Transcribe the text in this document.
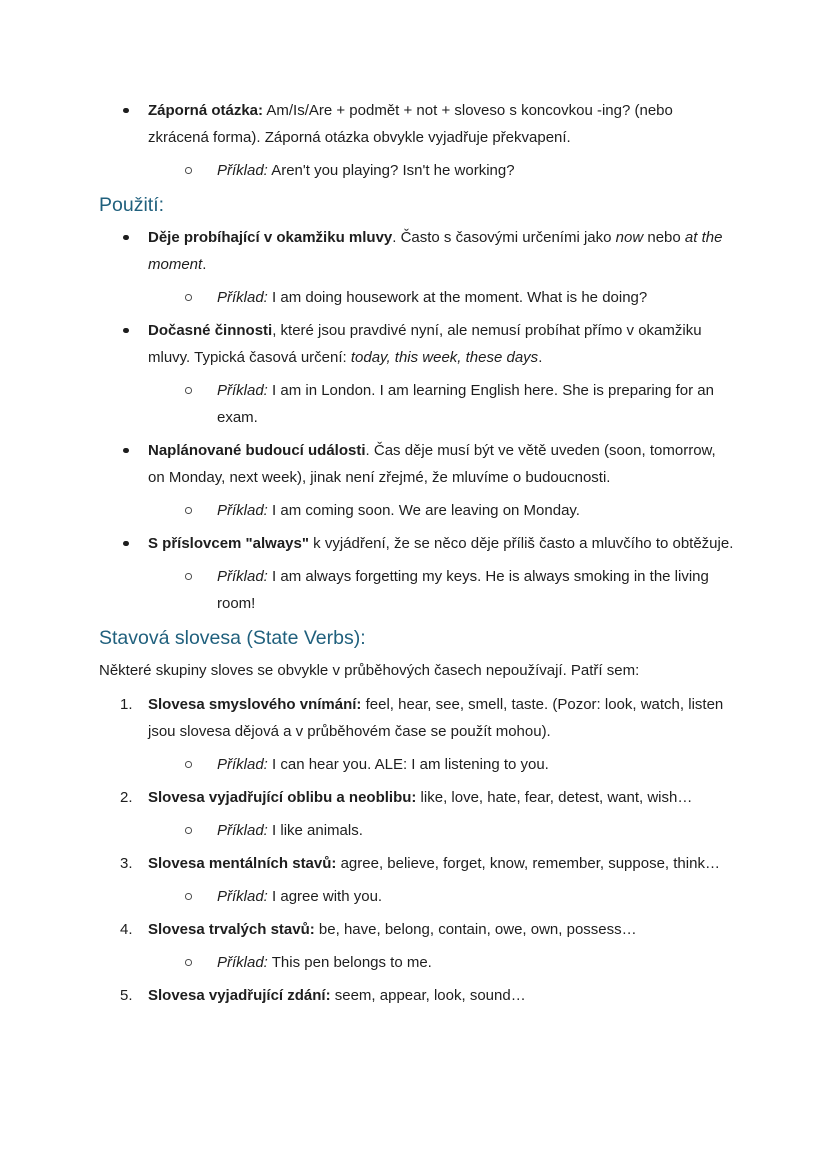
Záporná otázka: Am/Is/Are + podmět + not + sloveso s koncovkou -ing? (nebo zkrácená forma). Záporná otázka obvykle vyjadřuje překvapení.

Příklad: Aren't you playing? Isn't he working?

Použití:

Děje probíhající v okamžiku mluvy. Často s časovými určeními jako now nebo at the moment.

Příklad: I am doing housework at the moment. What is he doing?

Dočasné činnosti, které jsou pravdivé nyní, ale nemusí probíhat přímo v okamžiku mluvy. Typická časová určení: today, this week, these days.

Příklad: I am in London. I am learning English here. She is preparing for an exam.

Naplánované budoucí události. Čas děje musí být ve větě uveden (soon, tomorrow, on Monday, next week), jinak není zřejmé, že mluvíme o budoucnosti.

Příklad: I am coming soon. We are leaving on Monday.

S příslovcem "always" k vyjádření, že se něco děje příliš často a mluvčího to obtěžuje.

Příklad: I am always forgetting my keys. He is always smoking in the living room!

Stavová slovesa (State Verbs):

Některé skupiny sloves se obvykle v průběhových časech nepoužívají. Patří sem:

1.	Slovesa smyslového vnímání: feel, hear, see, smell, taste. (Pozor: look, watch, listen jsou slovesa dějová a v průběhovém čase se použít mohou).

Příklad: I can hear you. ALE: I am listening to you.

2.	Slovesa vyjadřující oblibu a neoblibu: like, love, hate, fear, detest, want, wish…

Příklad: I like animals.

3.	Slovesa mentálních stavů: agree, believe, forget, know, remember, suppose, think…

Příklad: I agree with you.

4.	Slovesa trvalých stavů: be, have, belong, contain, owe, own, possess…

Příklad: This pen belongs to me.

5.	Slovesa vyjadřující zdání: seem, appear, look, sound…
